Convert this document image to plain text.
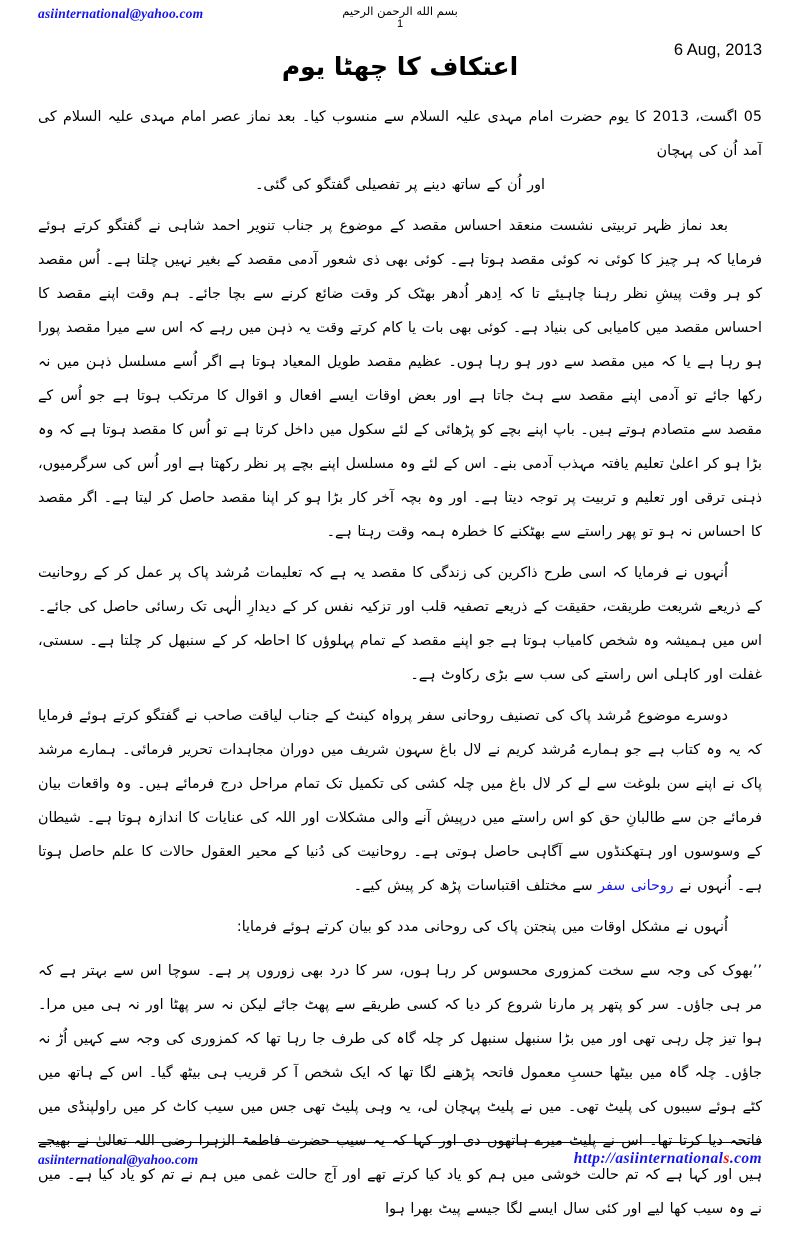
asiinternational@yahoo.com	بسم الله الرحمن الرحيم
1
6 Aug, 2013
اعتکاف کا چھٹا یوم

05 اگست، 2013 کا یوم حضرت امام مہدی علیہ السلام سے منسوب کیا۔ بعد نماز عصر امام مہدی علیہ السلام کی آمد اُن کی پہچان
اور اُن کے ساتھ دینے پر تفصیلی گفتگو کی گئی۔

بعد نماز ظہر تربیتی نشست منعقد احساس مقصد کے موضوع پر جناب تنویر احمد شاہی نے گفتگو کرتے ہوئے فرمایا کہ ہر چیز کا کوئی نہ کوئی مقصد ہوتا ہے۔ کوئی بھی ذی شعور آدمی مقصد کے بغیر نہیں چلتا ہے۔ اُس مقصد کو ہر وقت پیشِ نظر رہنا چاہیئے تا کہ اِدھر اُدھر بھٹک کر وقت ضائع کرنے سے بچا جائے۔ ہم وقت اپنے مقصد کا احساس مقصد میں کامیابی کی بنیاد ہے۔ کوئی بھی بات یا کام کرتے وقت یہ ذہن میں رہے کہ اس سے میرا مقصد پورا ہو رہا ہے یا کہ میں مقصد سے دور ہو رہا ہوں۔ عظیم مقصد طویل المعیاد ہوتا ہے اگر اُسے مسلسل ذہن میں نہ رکھا جائے تو آدمی اپنے مقصد سے ہٹ جاتا ہے اور بعض اوقات ایسے افعال و اقوال کا مرتکب ہوتا ہے جو اُس کے مقصد سے متصادم ہوتے ہیں۔ باپ اپنے بچے کو پڑھائی کے لئے سکول میں داخل کرتا ہے تو اُس کا مقصد ہوتا ہے کہ وہ بڑا ہو کر اعلیٰ تعلیم یافتہ مہذب آدمی بنے۔ اس کے لئے وہ مسلسل اپنے بچے پر نظر رکھتا ہے اور اُس کی سرگرمیوں، ذہنی ترقی اور تعلیم و تربیت پر توجہ دیتا ہے۔ اور وہ بچہ آخر کار بڑا ہو کر اپنا مقصد حاصل کر لیتا ہے۔ اگر مقصد کا احساس نہ ہو تو پھر راستے سے بھٹکنے کا خطرہ ہمہ وقت رہتا ہے۔

اُنہوں نے فرمایا کہ اسی طرح ذاکرین کی زندگی کا مقصد یہ ہے کہ تعلیمات مُرشد پاک پر عمل کر کے روحانیت کے ذریعے شریعت طریقت، حقیقت کے ذریعے تصفیہ قلب اور تزکیہ نفس کر کے دیدارِ الٰہی تک رسائی حاصل کی جائے۔ اس میں ہمیشہ وہ شخص کامیاب ہوتا ہے جو اپنے مقصد کے تمام پہلوؤں کا احاطہ کر کے سنبھل کر چلتا ہے۔ سستی، غفلت اور کاہلی اس راستے کی سب سے بڑی رکاوٹ ہے۔

دوسرے موضوع مُرشد پاک کی تصنیف روحانی سفر پرواہ کینٹ کے جناب لیاقت صاحب نے گفتگو کرتے ہوئے فرمایا کہ یہ وہ کتاب ہے جو ہمارے مُرشد کریم نے لال باغ سہون شریف میں دوران مجاہدات تحریر فرمائی۔ ہمارے مرشد پاک نے اپنے سن بلوغت سے لے کر لال باغ میں چلہ کشی کی تکمیل تک تمام مراحل درج فرمائے ہیں۔ وہ واقعات بیان فرمائے جن سے طالبانِ حق کو اس راستے میں درپیش آنے والی مشکلات اور اللہ کی عنایات کا اندازہ ہوتا ہے۔ شیطان کے وسوسوں اور ہتھکنڈوں سے آگاہی حاصل ہوتی ہے۔ روحانیت کی دُنیا کے محیر العقول حالات کا علم حاصل ہوتا ہے۔ اُنہوں نے روحانی سفر سے مختلف اقتباسات پڑھ کر پیش کیے۔

اُنہوں نے مشکل اوقات میں پنجتن پاک کی روحانی مدد کو بیان کرتے ہوئے فرمایا:

’’بھوک کی وجہ سے سخت کمزوری محسوس کر رہا ہوں، سر کا درد بھی زوروں پر ہے۔ سوچا اس سے بہتر ہے کہ مر ہی جاؤں۔ سر کو پتھر پر مارنا شروع کر دیا کہ کسی طریقے سے پھٹ جائے لیکن نہ سر پھٹا اور نہ ہی میں مرا۔ ہوا تیز چل رہی تھی اور میں بڑا سنبھل سنبھل کر چلہ گاہ کی طرف جا رہا تھا کہ کمزوری کی وجہ سے کہیں اُڑ نہ جاؤں۔ چلہ گاہ میں بیٹھا حسبِ معمول فاتحہ پڑھنے لگا تھا کہ ایک شخص آ کر قریب ہی بیٹھ گیا۔ اس کے ہاتھ میں کٹے ہوئے سیبوں کی پلیٹ تھی۔ میں نے پلیٹ پہچان لی، یہ وہی پلیٹ تھی جس میں سیب کاٹ کر میں راولپنڈی میں فاتحہ دیا کرتا تھا۔ اس نے پلیٹ میرے ہاتھوں دی اور کہا کہ یہ سیب حضرت فاطمۃ الزہرا رضی اللہ تعالیٰ نے بھیجے ہیں اور کہا ہے کہ تم حالت خوشی میں ہم کو یاد کیا کرتے تھے اور آج حالت غمی میں ہم نے تم کو یاد کیا ہے۔ میں نے وہ سیب کھا لیے اور کئی سال ایسے لگا جیسے پیٹ بھرا ہوا

asiinternational@yahoo.com	http://asiinternationals.com
